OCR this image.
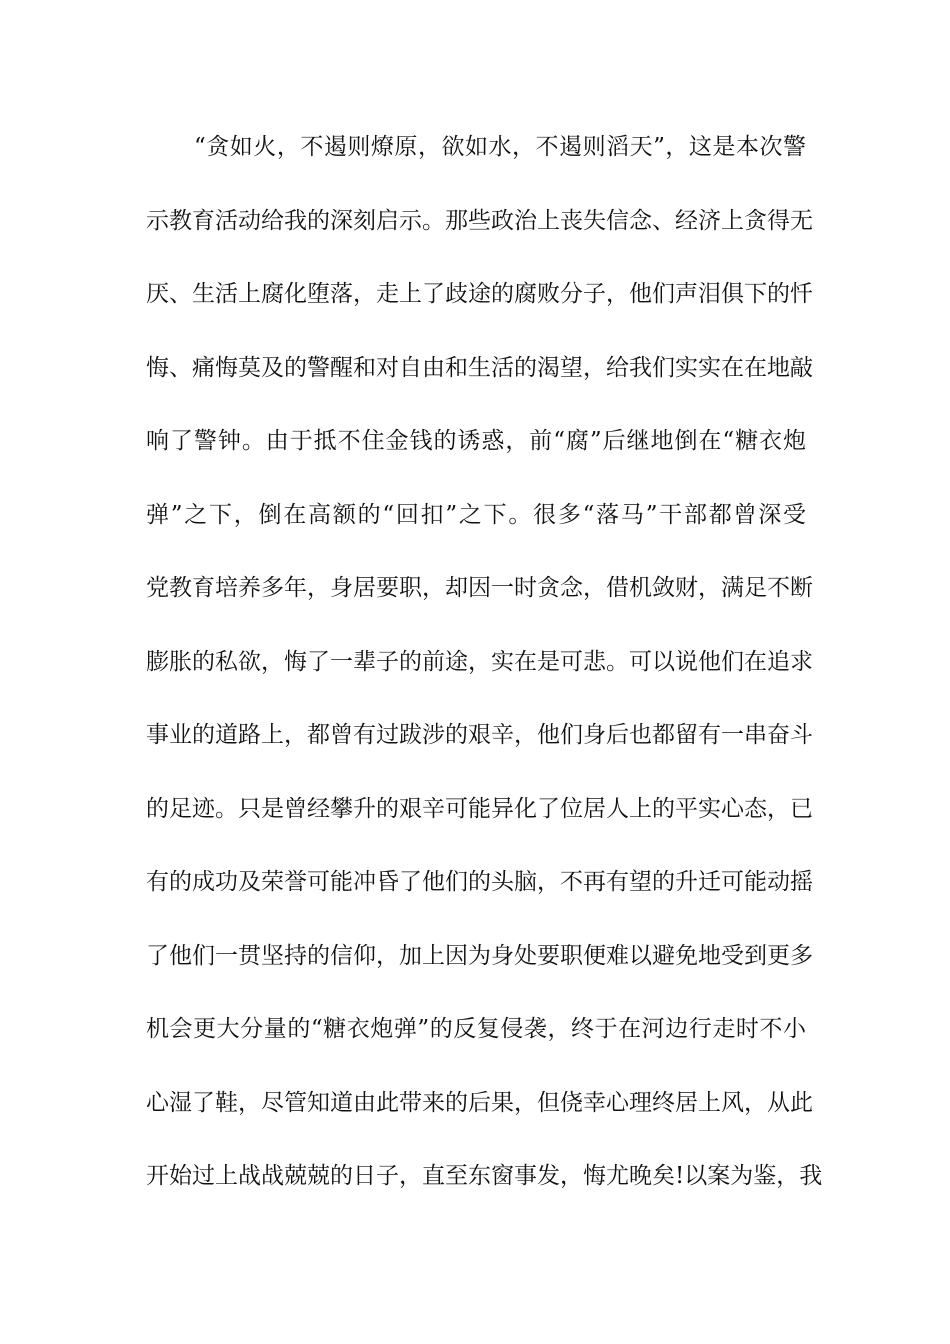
“贪如火，不遏则燎原，欲如水，不遏则滔天”，这是本次警
示教育活动给我的深刻启示。那些政治上丧失信念、经济上贪得无
厌、生活上腐化堕落，走上了歧途的腐败分子，他们声泪俱下的忏
悔、痛悔莫及的警醒和对自由和生活的渴望，给我们实实在在地敲
响了警钟。由于抵不住金钱的诱惑，前“腐”后继地倒在“糖衣炮
弹”之下，倒在高额的“回扣”之下。很多“落马”干部都曾深受
党教育培养多年，身居要职，却因一时贪念，借机敛财，满足不断
膨胀的私欲，悔了一辈子的前途，实在是可悲。可以说他们在追求
事业的道路上，都曾有过跋涉的艰辛，他们身后也都留有一串奋斗
的足迹。只是曾经攀升的艰辛可能异化了位居人上的平实心态，已
有的成功及荣誉可能冲昏了他们的头脑，不再有望的升迁可能动摇
了他们一贯坚持的信仰，加上因为身处要职便难以避免地受到更多
机会更大分量的“糖衣炮弹”的反复侵袭，终于在河边行走时不小
心湿了鞋，尽管知道由此带来的后果，但侥幸心理终居上风，从此
开始过上战战兢兢的日子，直至东窗事发，悔尤晚矣!以案为鉴，我
